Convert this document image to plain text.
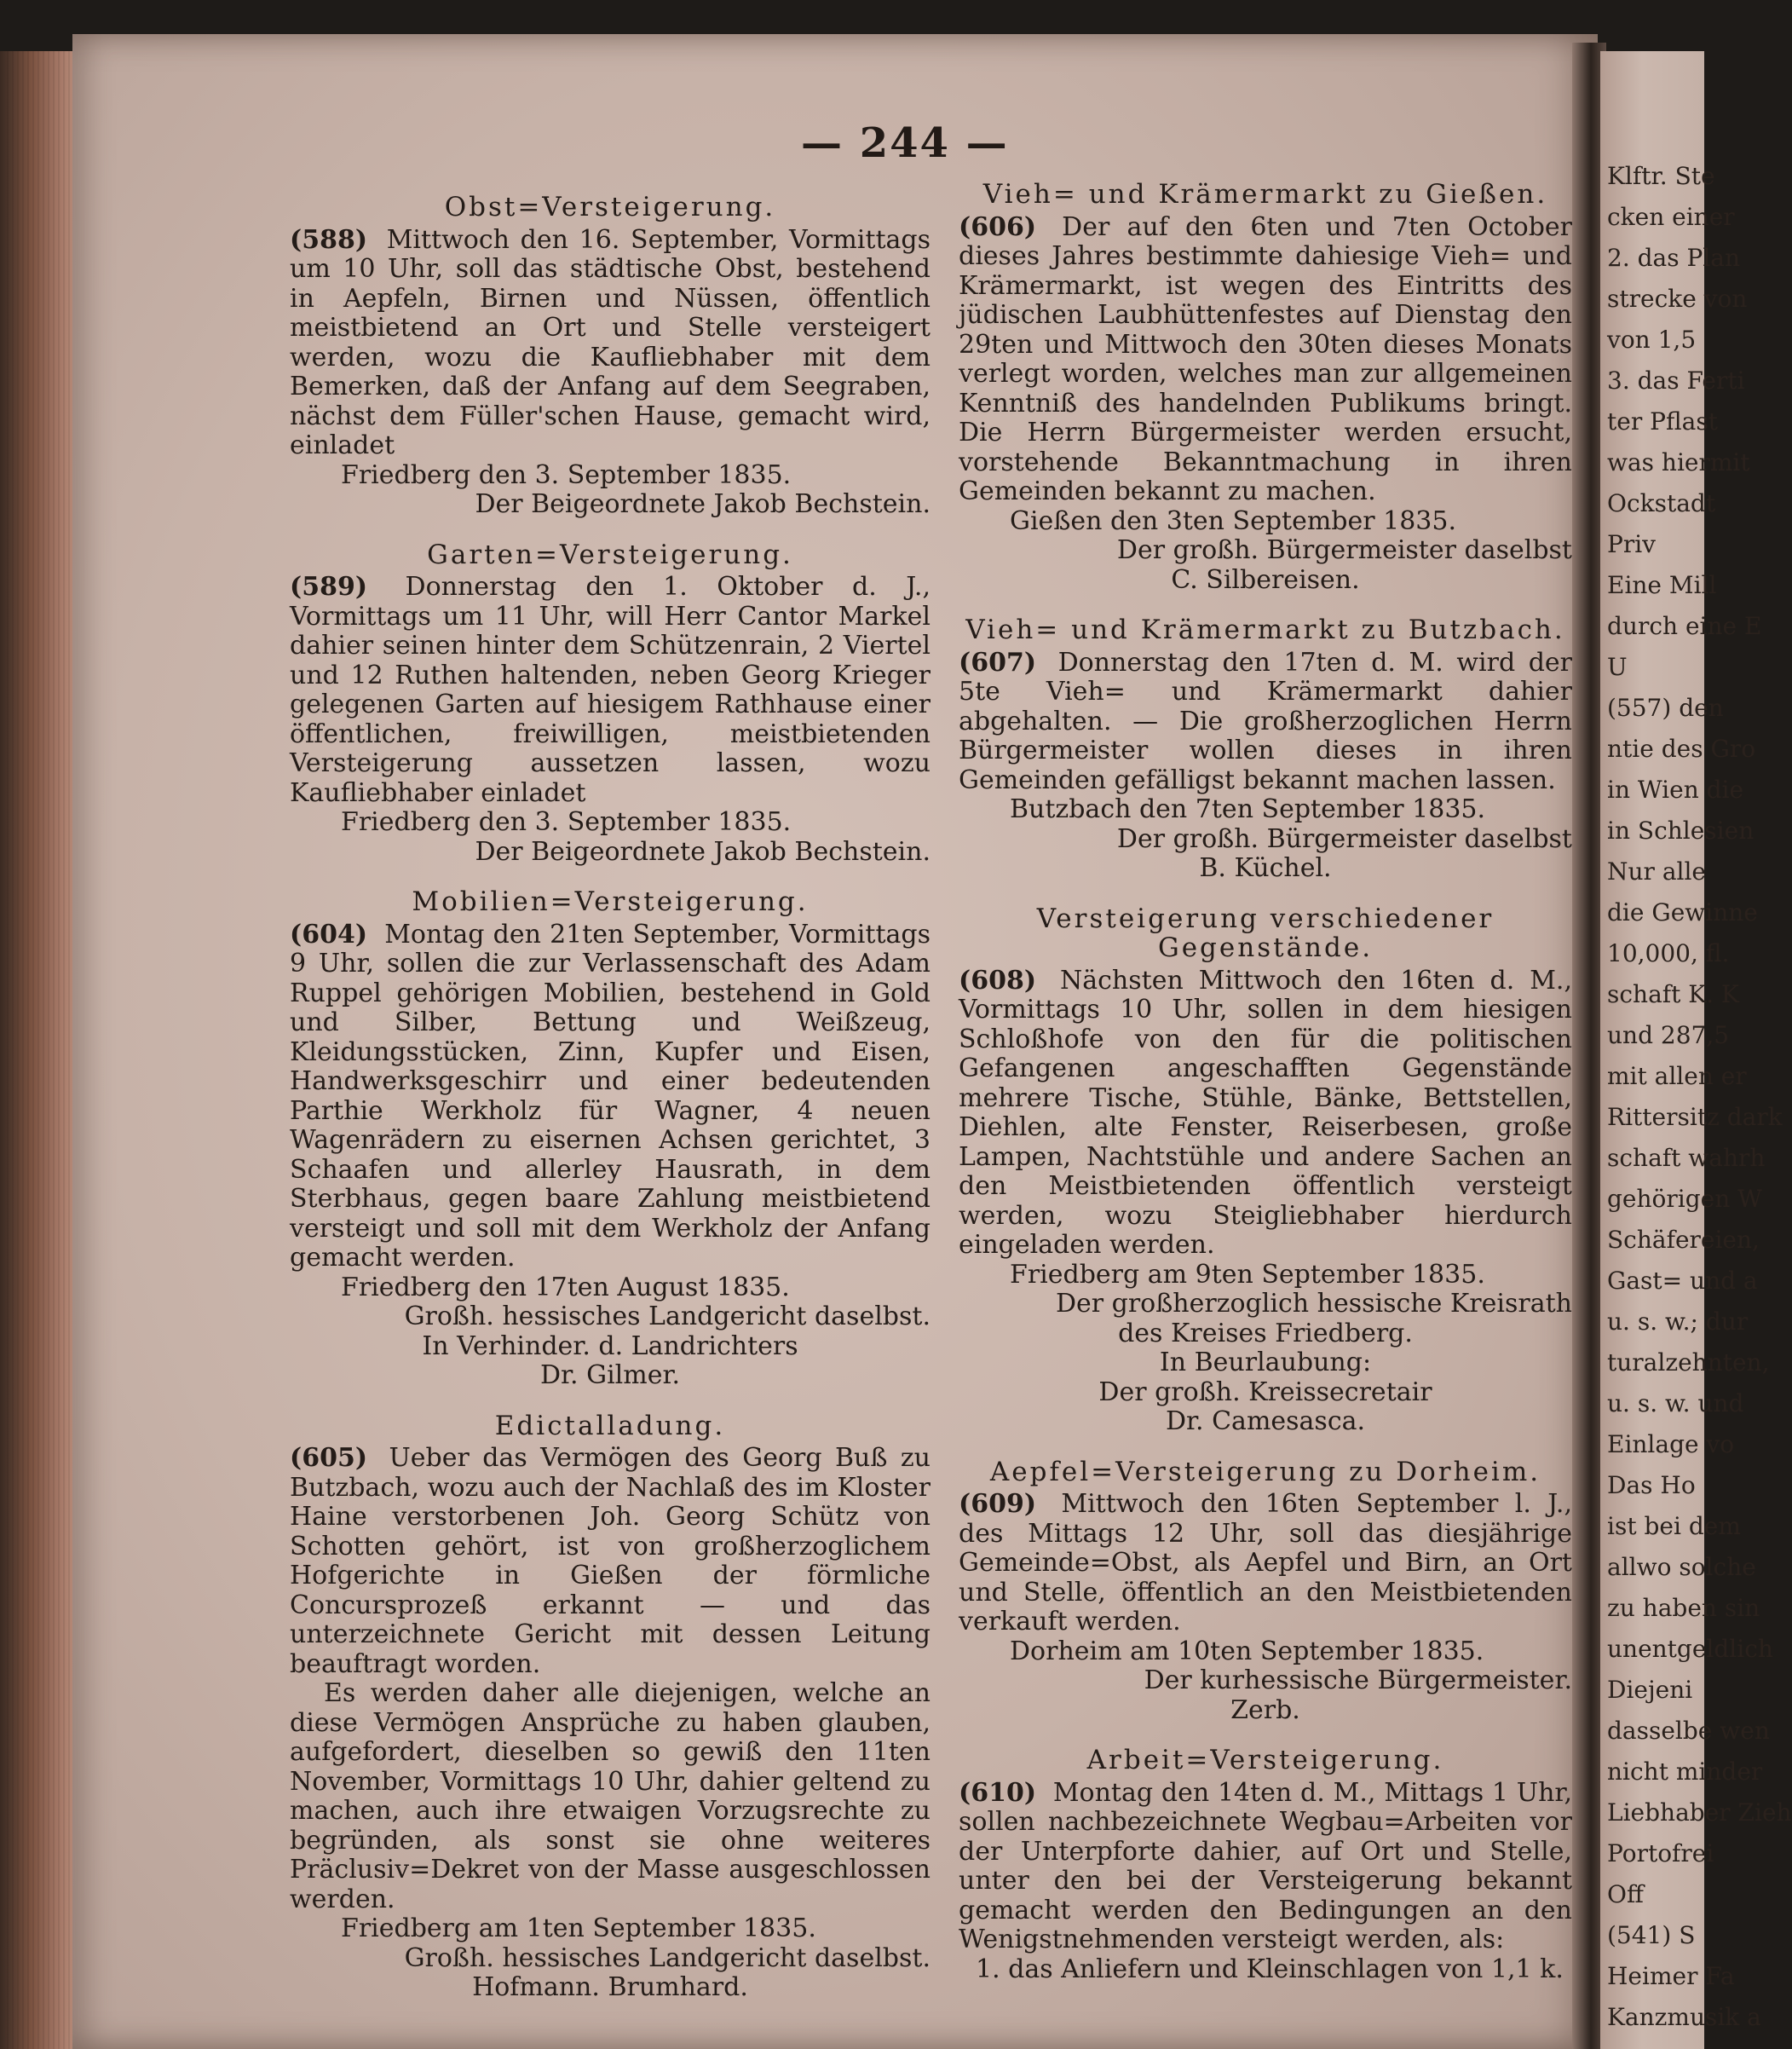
Klftr. Ste
cken einer
2. das Plan
strecke von
von 1,5
3. das Ferti
ter Pflast
was hiermit
Ockstadt
Priv
Eine Mill
durch eine E
U
(557) den
ntie des Gro
in Wien die
in Schlesien
Nur alle
die Gewinne
10,000, fl.
schaft K. K
und 287,5
mit allen er
Rittersitz dark
schaft wahrh
gehörigen W
Schäfereien,
Gast= und a
u. s. w.; dur
turalzehnten,
u. s. w. und
Einlage vo
Das Ho
ist bei dem
allwo solche
zu haben sin
unentgeldlich
Diejeni
dasselbe wen
nicht minder
Liebhaber Zieh
Portofrei
Off
(541) S
Heimer Fa
Kanzmusik a
— 244 —
Obst=Versteigerung.

(588) Mittwoch den 16. September, Vormittags um 10 Uhr, soll das städtische Obst, bestehend in Aepfeln, Birnen und Nüssen, öffentlich meistbietend an Ort und Stelle versteigert werden, wozu die Kaufliebhaber mit dem Bemerken, daß der Anfang auf dem Seegraben, nächst dem Füller'schen Hause, gemacht wird, einladet

Friedberg den 3. September 1835.

Der Beigeordnete Jakob Bechstein.

Garten=Versteigerung.

(589) Donnerstag den 1. Oktober d. J., Vormittags um 11 Uhr, will Herr Cantor Markel dahier seinen hinter dem Schützenrain, 2 Viertel und 12 Ruthen haltenden, neben Georg Krieger gelegenen Garten auf hiesigem Rathhause einer öffentlichen, freiwilligen, meistbietenden Versteigerung aussetzen lassen, wozu Kaufliebhaber einladet

Friedberg den 3. September 1835.

Der Beigeordnete Jakob Bechstein.

Mobilien=Versteigerung.

(604) Montag den 21ten September, Vormittags 9 Uhr, sollen die zur Verlassenschaft des Adam Ruppel gehörigen Mobilien, bestehend in Gold und Silber, Bettung und Weißzeug, Kleidungsstücken, Zinn, Kupfer und Eisen, Handwerksgeschirr und einer bedeutenden Parthie Werkholz für Wagner, 4 neuen Wagenrädern zu eisernen Achsen gerichtet, 3 Schaafen und allerley Hausrath, in dem Sterbhaus, gegen baare Zahlung meistbietend versteigt und soll mit dem Werkholz der Anfang gemacht werden.

Friedberg den 17ten August 1835.

Großh. hessisches Landgericht daselbst.

In Verhinder. d. Landrichters

Dr. Gilmer.

Edictalladung.

(605) Ueber das Vermögen des Georg Buß zu Butzbach, wozu auch der Nachlaß des im Kloster Haine verstorbenen Joh. Georg Schütz von Schotten gehört, ist von großherzoglichem Hofgerichte in Gießen der förmliche Concursprozeß erkannt — und das unterzeichnete Gericht mit dessen Leitung beauftragt worden.

Es werden daher alle diejenigen, welche an diese Vermögen Ansprüche zu haben glauben, aufgefordert, dieselben so gewiß den 11ten November, Vormittags 10 Uhr, dahier geltend zu machen, auch ihre etwaigen Vorzugsrechte zu begründen, als sonst sie ohne weiteres Präclusiv=Dekret von der Masse ausgeschlossen werden.

Friedberg am 1ten September 1835.

Großh. hessisches Landgericht daselbst.

Hofmann. Brumhard.

Vieh= und Krämermarkt zu Gießen.

(606) Der auf den 6ten und 7ten October dieses Jahres bestimmte dahiesige Vieh= und Krämermarkt, ist wegen des Eintritts des jüdischen Laubhüttenfestes auf Dienstag den 29ten und Mittwoch den 30ten dieses Monats verlegt worden, welches man zur allgemeinen Kenntniß des handelnden Publikums bringt. Die Herrn Bürgermeister werden ersucht, vorstehende Bekanntmachung in ihren Gemeinden bekannt zu machen.

Gießen den 3ten September 1835.

Der großh. Bürgermeister daselbst

C. Silbereisen.

Vieh= und Krämermarkt zu Butzbach.

(607) Donnerstag den 17ten d. M. wird der 5te Vieh= und Krämermarkt dahier abgehalten. — Die großherzoglichen Herrn Bürgermeister wollen dieses in ihren Gemeinden gefälligst bekannt machen lassen.

Butzbach den 7ten September 1835.

Der großh. Bürgermeister daselbst

B. Küchel.

Versteigerung verschiedener Gegenstände.

(608) Nächsten Mittwoch den 16ten d. M., Vormittags 10 Uhr, sollen in dem hiesigen Schloßhofe von den für die politischen Gefangenen angeschafften Gegenstände mehrere Tische, Stühle, Bänke, Bettstellen, Diehlen, alte Fenster, Reiserbesen, große Lampen, Nachtstühle und andere Sachen an den Meistbietenden öffentlich versteigt werden, wozu Steigliebhaber hierdurch eingeladen werden.

Friedberg am 9ten September 1835.

Der großherzoglich hessische Kreisrath

des Kreises Friedberg.

In Beurlaubung:

Der großh. Kreissecretair

Dr. Camesasca.

Aepfel=Versteigerung zu Dorheim.

(609) Mittwoch den 16ten September l. J., des Mittags 12 Uhr, soll das diesjährige Gemeinde=Obst, als Aepfel und Birn, an Ort und Stelle, öffentlich an den Meistbietenden verkauft werden.

Dorheim am 10ten September 1835.

Der kurhessische Bürgermeister.

Zerb.

Arbeit=Versteigerung.

(610) Montag den 14ten d. M., Mittags 1 Uhr, sollen nachbezeichnete Wegbau=Arbeiten vor der Unterpforte dahier, auf Ort und Stelle, unter den bei der Versteigerung bekannt gemacht werden den Bedingungen an den Wenigstnehmenden versteigt werden, als:

1. das Anliefern und Kleinschlagen von 1,1 k.
